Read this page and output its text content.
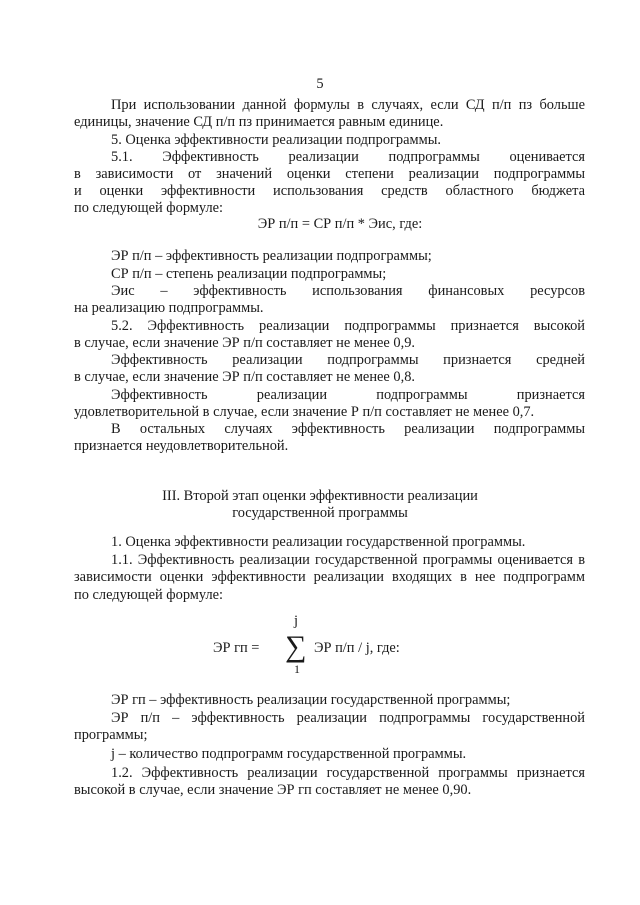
5
При использовании данной формулы в случаях, если СД п/п пз больше
единицы, значение СД п/п пз принимается равным единице.
5. Оценка эффективности реализации подпрограммы.
5.1. Эффективность реализации подпрограммы оценивается
в зависимости от значений оценки степени реализации подпрограммы
и оценки эффективности использования средств областного бюджета
по следующей формуле:
ЭР п/п = СР п/п * Эис, где:
ЭР п/п – эффективность реализации подпрограммы;
СР п/п – степень реализации подпрограммы;
Эис – эффективность использования финансовых ресурсов
на реализацию подпрограммы.
5.2. Эффективность реализации подпрограммы признается высокой
в случае, если значение ЭР п/п составляет не менее 0,9.
Эффективность реализации подпрограммы признается средней
в случае, если значение ЭР п/п составляет не менее 0,8.
Эффективность реализации подпрограммы признается
удовлетворительной в случае, если значение Р п/п составляет не менее 0,7.
В остальных случаях эффективность реализации подпрограммы
признается неудовлетворительной.
III. Второй этап оценки эффективности реализации
государственной программы
1. Оценка эффективности реализации государственной программы.
1.1. Эффективность реализации государственной программы оценивается в
зависимости оценки эффективности реализации входящих в нее подпрограмм
по следующей формуле:
ЭР гп =
j
∑
1
ЭР п/п / j, где:
ЭР гп – эффективность реализации государственной программы;
ЭР п/п – эффективность реализации подпрограммы государственной
программы;
j – количество подпрограмм государственной программы.
1.2. Эффективность реализации государственной программы признается
высокой в случае, если значение ЭР гп составляет не менее 0,90.
